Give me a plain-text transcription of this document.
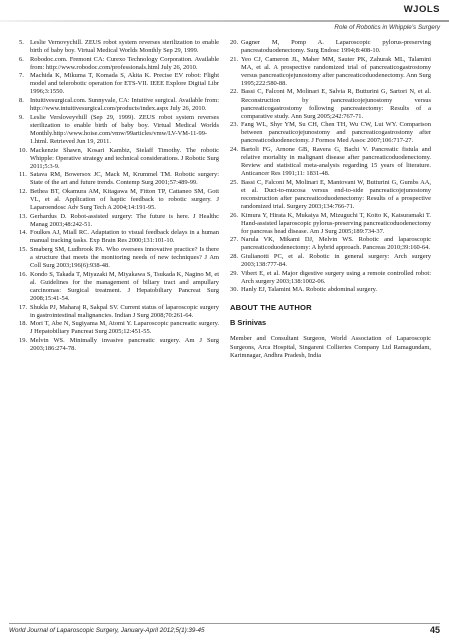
WJOLS
Role of Robotics in Whipple’s Surgery
5. Leslie Vernovychill. ZEUS robot system reverses sterilization to enable birth of baby boy. Virtual Medical Worlds Monthly Sep 29, 1999.
6. Robodoc.com. Fremont CA: Curexo Technology Corporation. Available from: http://www.robodoc.com/professionals.html July 26, 2010.
7. Machida K, Mikuma T, Komada S, Akita K. Precise EV robot: Flight model and telerobotic operation for ETS-VII. IEEE Explore Digital Libr 1996;3:1550.
8. Intuitivesurgical.com. Sunnyvale, CA: Intuitive surgical. Available from: http://www.intuitivesurgical.com/products/index.aspx July 26, 2010.
9. Leslie Versloveyvhill (Sep 29, 1999). ZEUS robot system reverses sterilization to enable birth of baby boy. Virtual Medical Worlds Monthly.http://www.hoise.com/vmw/99articles/vmw/LV-VM-11-99-1.html. Retrieved Jun 19, 2011.
10. Mackenzie Shawn, Kosari Kambiz, Sielaff Timothy. The robotic Whipple: Operative strategy and technical considerations. J Robotic Surg 2011;5:3-9.
11. Satava RM, Bowersox JC, Mack M, Krummel TM. Robotic surgery: State of the art and future trends. Contemp Surg 2001;57:489-99.
12. Bethea BT, Okamura AM, Kitagawa M, Fitton TP, Cattaneo SM, Gott VL, et al. Application of haptic feedback to robotic surgery. J Laparoendosc Adv Surg Tech A 2004;14:191-95.
13. Gerhardus D. Robot-assisted surgery: The future is here. J Healthc Manag 2003;48:242-51.
14. Foulkes AJ, Miall RC. Adaptation to visual feedback delays in a human manual tracking tasks. Exp Brain Res 2000;131:101-10.
15. Smaberg SM, Ludbrook PA. Who oversees innovative practice? Is there a structure that meets the monitoring needs of new techniques? J Am Coll Surg 2003;196(6):938-48.
16. Kondo S, Takada T, Miyazaki M, Miyakawa S, Tsukada K, Nagino M, et al. Guidelines for the management of biliary tract and ampullary carcinomas: Surgical treatment. J Hepatobiliary Pancreat Surg 2008;15:41-54.
17. Shukla PJ, Maharaj R, Sakpal SV. Current status of laparoscopic surgery in gastrointestinal malignancies. Indian J Surg 2008;70:261-64.
18. Mori T, Abe N, Sugiyama M, Atomi Y. Laparoscopic pancreatic surgery. J Hepatobiliary Pancreat Surg 2005;12:451-55.
19. Melvin WS. Minimally invasive pancreatic surgery. Am J Surg 2003;186:274-78.
20. Gagner M, Pomp A. Laparoscopic pylorus-preserving pancreatoduodenectomy. Surg Endosc 1994;8:408-10.
21. Yeo CJ, Cameron JL, Maher MM, Sauter PK, Zahurak ML, Talamini MA, et al. A prospective randomized trial of pancreaticogastrostomy versus pancreaticojejunostomy after pancreaticoduodenectomy. Ann Surg 1995;222:580-88.
22. Bassi C, Falconi M, Molinari E, Salvia R, Butturini G, Sartori N, et al. Reconstruction by pancreaticojejunostomy versus pancreaticogastrostomy following pancreatectomy: Results of a comparative study. Ann Surg 2005;242:767-71.
23. Fang WL, Shyr YM, Su CH, Chen TH, Wu CW, Lui WY. Comparison between pancreaticojejunostomy and pancreaticogastrostomy after pancreaticoduodenectomy. J Formos Med Assoc 2007;106:717-27.
24. Bartoli FG, Arnone GB, Ravera G, Bachi V. Pancreatic fistula and relative mortality in malignant disease after pancreaticoduodenectomy. Review and statistical meta-analysis regarding 15 years of literature. Anticancer Res 1991;11: 1831-48.
25. Bassi C, Falconi M, Molinari E, Mantovani W, Butturini G, Gumbs AA, et al. Duct-to-mucosa versus end-to-side pancreaticojejunostomy reconstruction after pancreaticoduodenectomy: Results of a prospective randomized trial. Surgery 2003;134:766-71.
26. Kimura Y, Hirata K, Mukaiya M, Mizuguchi T, Koito K, Katsuramaki T. Hand-assisted laparoscopic pylorus-preserving pancreaticoduodenectomy for pancreas head disease. Am J Surg 2005;189:734-37.
27. Narula VK, Mikami DJ, Melvin WS. Robotic and laparoscopic pancreaticoduodenectomy: A hybrid approach. Pancreas 2010;39:160-64.
28. Giulianotti PC, et al. Robotic in general surgery: Arch surgery 2003;138:777-84.
29. Vibert E, et al. Major digestive surgery using a remote controlled robot: Arch surgery 2003;138:1002-06.
30. Hanly EJ, Talamini MA. Robotic abdominal surgery.
ABOUT THE AUTHOR
B Srinivas
Member and Consultant Surgeon, World Association of Laparoscopic Surgeons, Arca Hospital, Singareni Collieries Company Ltd Ramagundam, Karimnagar, Andhra Pradesh, India
World Journal of Laparoscopic Surgery, January-April 2012;5(1):39-45	45
